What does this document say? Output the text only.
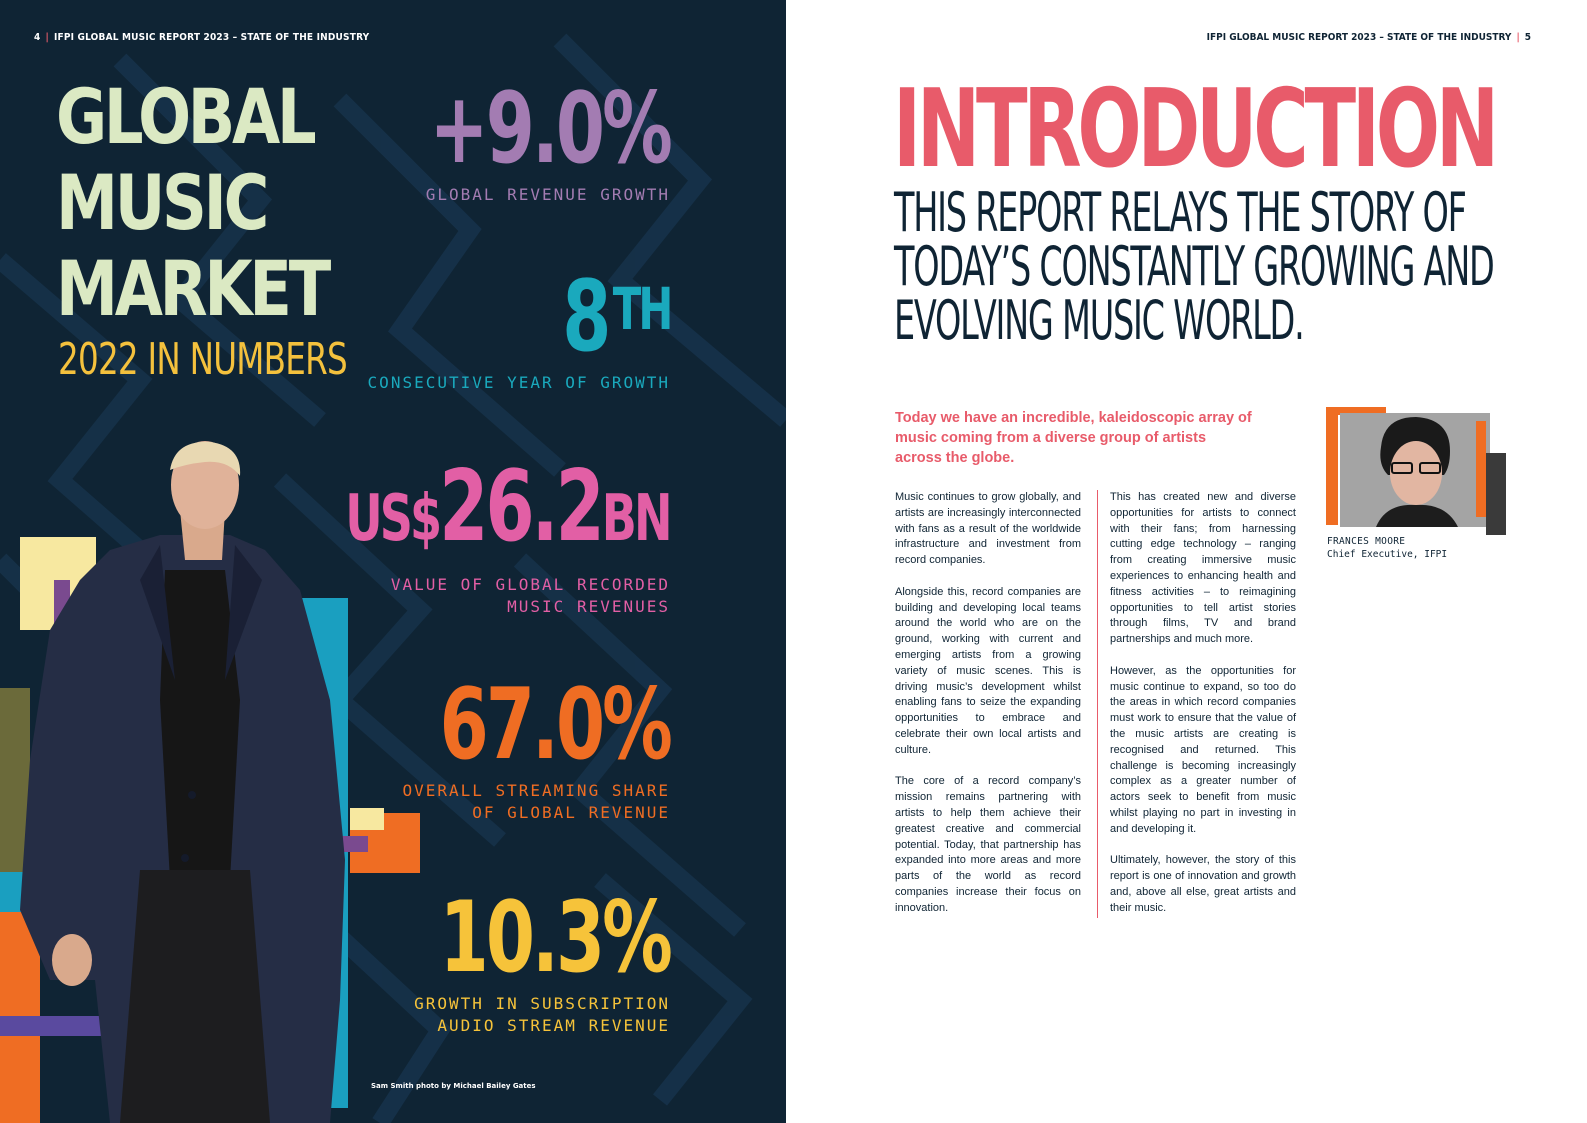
4 | IFPI GLOBAL MUSIC REPORT 2023 – STATE OF THE INDUSTRY
GLOBAL
MUSIC
MARKET
2022 IN NUMBERS
+9.0%
GLOBAL REVENUE GROWTH
8TH
CONSECUTIVE YEAR OF GROWTH
US$26.2BN
VALUE OF GLOBAL RECORDED
MUSIC REVENUES
67.0%
OVERALL STREAMING SHARE
OF GLOBAL REVENUE
10.3%
GROWTH IN SUBSCRIPTION
AUDIO STREAM REVENUE
Sam Smith photo by Michael Bailey Gates
IFPI GLOBAL MUSIC REPORT 2023 – STATE OF THE INDUSTRY | 5
INTRODUCTION
THIS REPORT RELAYS THE STORY OF
TODAY’S CONSTANTLY GROWING AND
EVOLVING MUSIC WORLD.
Today we have an incredible, kaleidoscopic array of music coming from a diverse group of artists across the globe.

Music continues to grow globally, and artists are increasingly interconnected with fans as a result of the worldwide infrastructure and investment from record companies.

Alongside this, record companies are building and developing local teams around the world who are on the ground, working with current and emerging artists from a growing variety of music scenes. This is driving music’s development whilst enabling fans to seize the expanding opportunities to embrace and celebrate their own local artists and culture.

The core of a record company’s mission remains partnering with artists to help them achieve their greatest creative and commercial potential. Today, that partnership has expanded into more areas and more parts of the world as record companies increase their focus on innovation.

This has created new and diverse opportunities for artists to connect with their fans; from harnessing cutting edge technology – ranging from creating immersive music experiences to enhancing health and fitness activities – to reimagining opportunities to tell artist stories through films, TV and brand partnerships and much more.

However, as the opportunities for music continue to expand, so too do the areas in which record companies must work to ensure that the value of the music artists are creating is recognised and returned. This challenge is becoming increasingly complex as a greater number of actors seek to benefit from music whilst playing no part in investing in and developing it.

Ultimately, however, the story of this report is one of innovation and growth and, above all else, great artists and their music.

FRANCES MOORE
Chief Executive, IFPI
